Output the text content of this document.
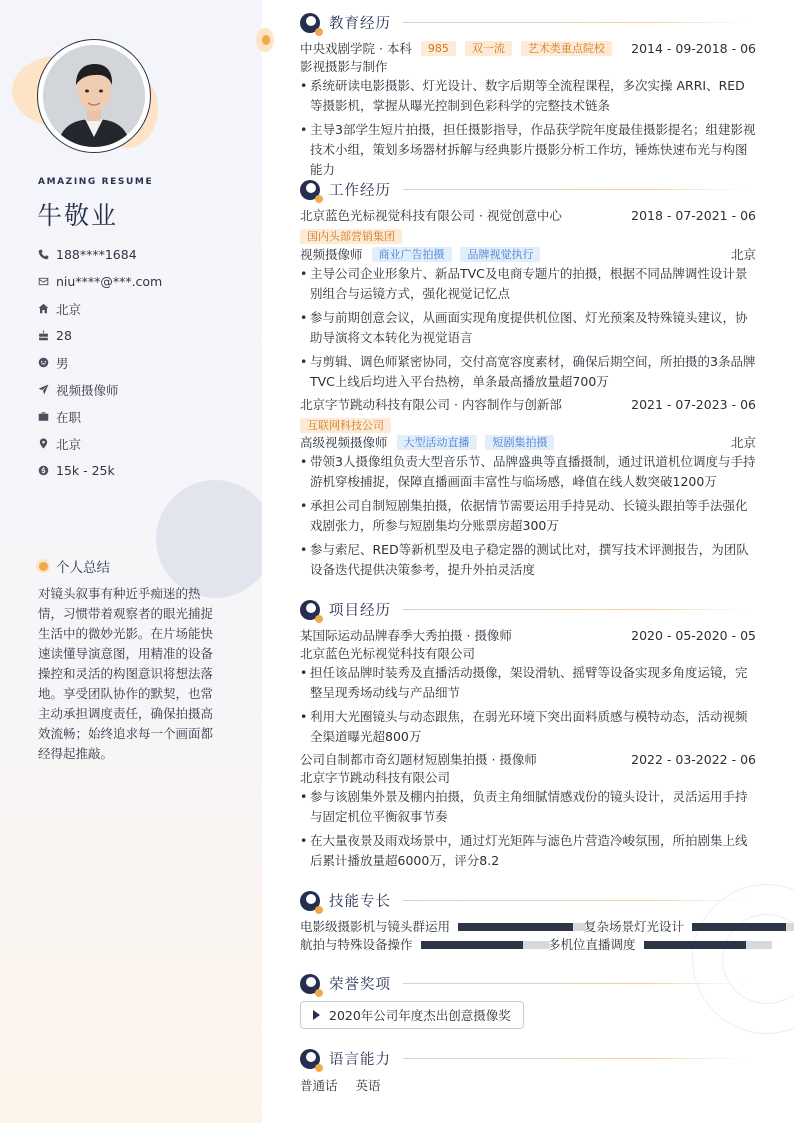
AMAZING RESUME
牛敬业
188****1684
niu****@***.com
北京
28
男
视频摄像师
在职
北京
15k - 25k
个人总结

对镜头叙事有种近乎痴迷的热情，习惯带着观察者的眼光捕捉生活中的微妙光影。在片场能快速读懂导演意图，用精准的设备操控和灵活的构图意识将想法落地。享受团队协作的默契，也常主动承担调度责任，确保拍摄高效流畅；始终追求每一个画面都经得起推敲。

教育经历
中央戏剧学院 · 本科 985 双一流 艺术类重点院校 2014 - 09-2018 - 06
影视摄影与制作
• 系统研读电影摄影、灯光设计、数字后期等全流程课程，多次实操 ARRI、RED 等摄影机，掌握从曝光控制到色彩科学的完整技术链条
• 主导3部学生短片拍摄，担任摄影指导，作品获学院年度最佳摄影提名；组建影视技术小组，策划多场器材拆解与经典影片摄影分析工作坊，锤炼快速布光与构图能力
工作经历
北京蓝色光标视觉科技有限公司 · 视觉创意中心	2018 - 07-2021 - 06
国内头部营销集团
视频摄像师 商业广告拍摄 品牌视觉执行	北京
• 主导公司企业形象片、新品TVC及电商专题片的拍摄，根据不同品牌调性设计景别组合与运镜方式，强化视觉记忆点
• 参与前期创意会议，从画面实现角度提供机位图、灯光预案及特殊镜头建议，协助导演将文本转化为视觉语言
• 与剪辑、调色师紧密协同，交付高宽容度素材，确保后期空间，所拍摄的3条品牌TVC上线后均进入平台热榜，单条最高播放量超700万
北京字节跳动科技有限公司 · 内容制作与创新部	2021 - 07-2023 - 06
互联网科技公司
高级视频摄像师 大型活动直播 短剧集拍摄	北京
• 带领3人摄像组负责大型音乐节、品牌盛典等直播摄制，通过讯道机位调度与手持游机穿梭捕捉，保障直播画面丰富性与临场感，峰值在线人数突破1200万
• 承担公司自制短剧集拍摄，依据情节需要运用手持晃动、长镜头跟拍等手法强化戏剧张力，所参与短剧集均分账票房超300万
• 参与索尼、RED等新机型及电子稳定器的测试比对，撰写技术评测报告，为团队设备迭代提供决策参考，提升外拍灵活度
项目经历
某国际运动品牌春季大秀拍摄 · 摄像师	2020 - 05-2020 - 05
北京蓝色光标视觉科技有限公司
• 担任该品牌时装秀及直播活动摄像，架设滑轨、摇臂等设备实现多角度运镜，完整呈现秀场动线与产品细节
• 利用大光圈镜头与动态跟焦，在弱光环境下突出面料质感与模特动态，活动视频全渠道曝光超800万
公司自制都市奇幻题材短剧集拍摄 · 摄像师	2022 - 03-2022 - 06
北京字节跳动科技有限公司
• 参与该剧集外景及棚内拍摄，负责主角细腻情感戏份的镜头设计，灵活运用手持与固定机位平衡叙事节奏
• 在大量夜景及雨戏场景中，通过灯光矩阵与滤色片营造冷峻氛围，所拍剧集上线后累计播放量超6000万，评分8.2
技能专长
电影级摄影机与镜头群运用	复杂场景灯光设计
航拍与特殊设备操作	多机位直播调度
荣誉奖项
2020年公司年度杰出创意摄像奖
语言能力
普通话 英语
